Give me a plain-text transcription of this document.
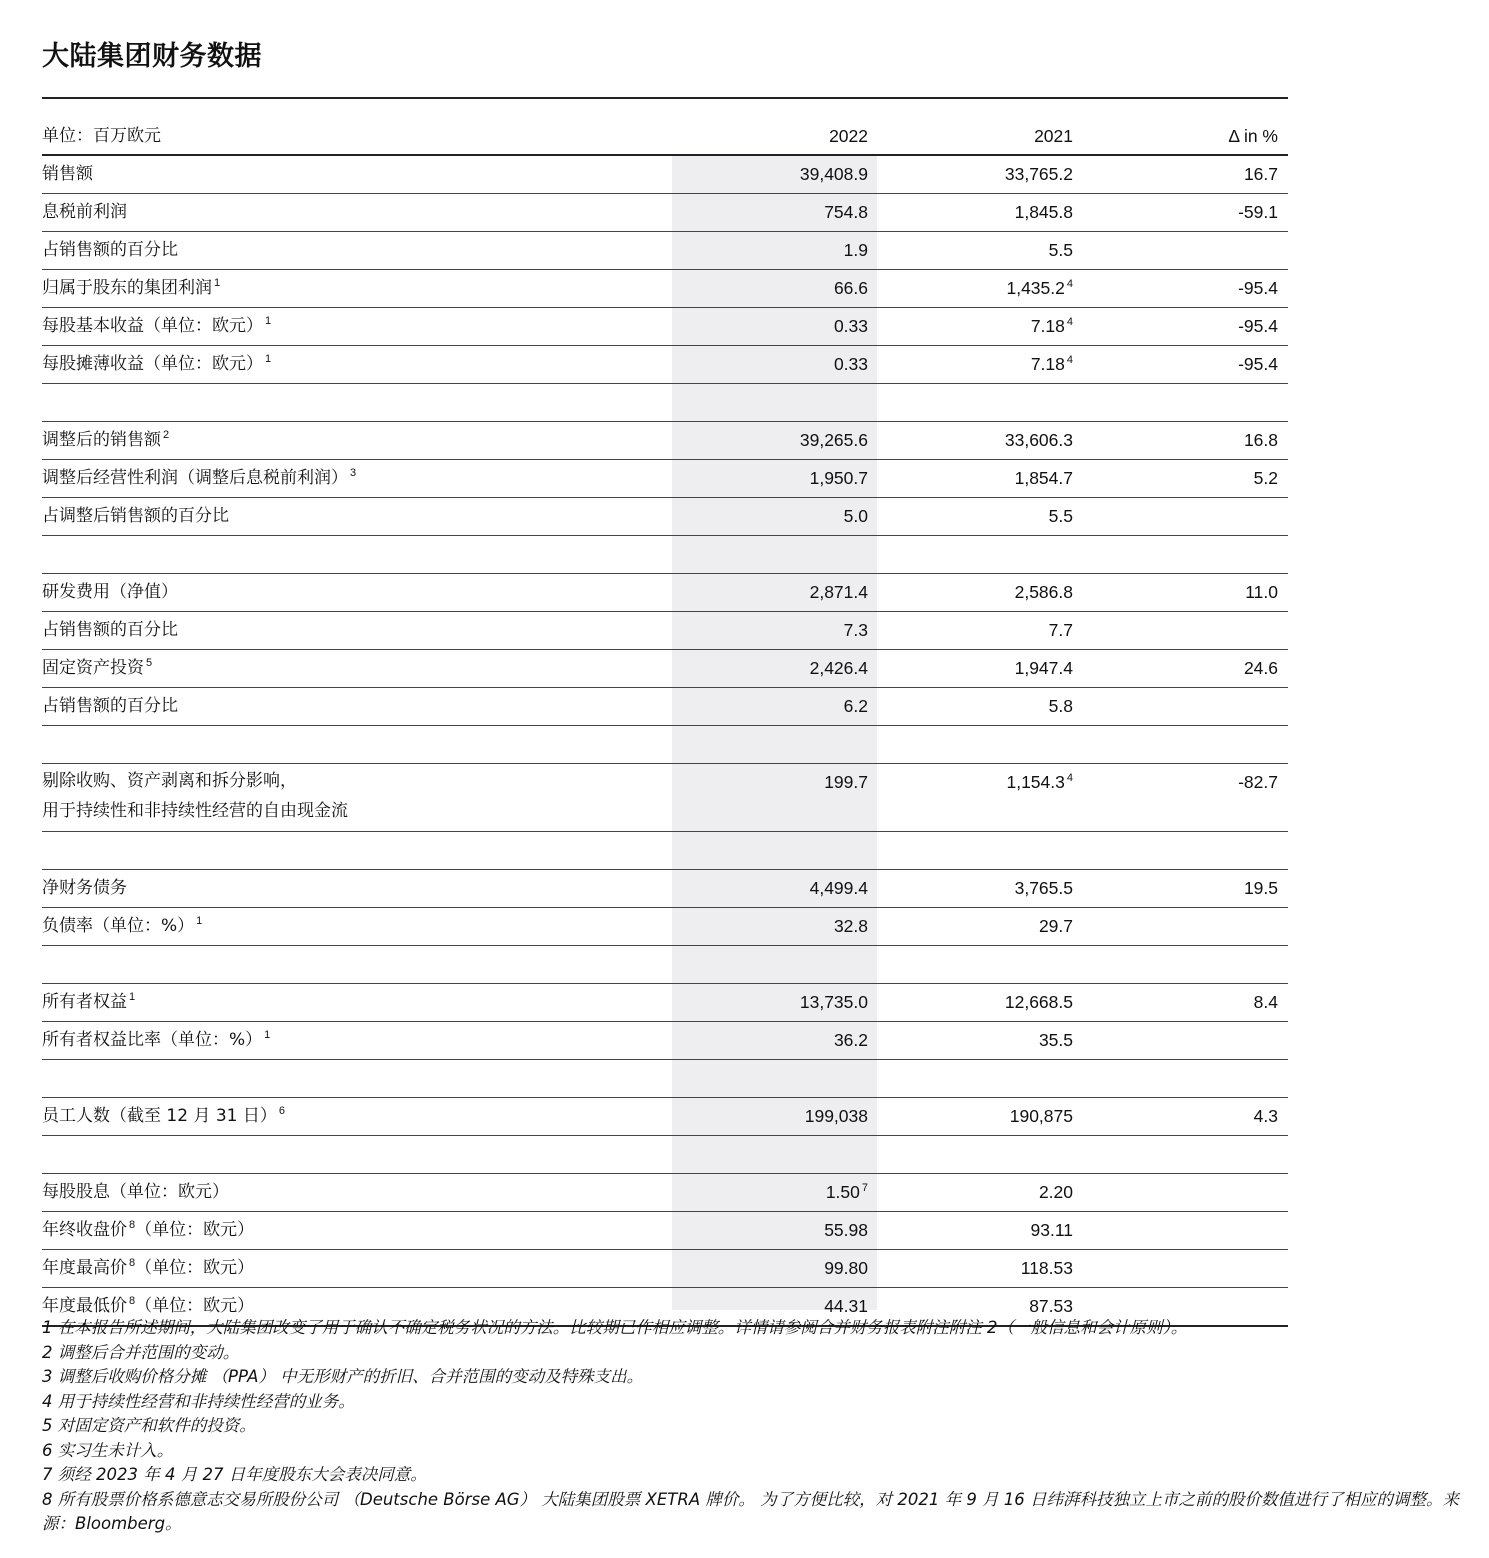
大陆集团财务数据
单位：百万欧元	2022	2021	Δ in %
销售额	39,408.9	33,765.2	16.7
息税前利润	754.8	1,845.8	-59.1
占销售额的百分比	1.9	5.5
归属于股东的集团利润 $^1$	66.6	1,435.2 $^4$	-95.4
每股基本收益（单位：欧元） $^1$	0.33	7.18 $^4$	-95.4
每股摊薄收益（单位：欧元） $^1$	0.33	7.18 $^4$	-95.4
调整后的销售额 $^2$	39,265.6	33,606.3	16.8
调整后经营性利润（调整后息税前利润） $^3$	1,950.7	1,854.7	5.2
占调整后销售额的百分比	5.0	5.5
研发费用（净值）	2,871.4	2,586.8	11.0
占销售额的百分比	7.3	7.7
固定资产投资 $^5$	2,426.4	1,947.4	24.6
占销售额的百分比	6.2	5.8
剔除收购、资产剥离和拆分影响，
用于持续性和非持续性经营的自由现金流
199.7	1,154.3 $^4$	-82.7
净财务债务	4,499.4	3,765.5	19.5
负债率（单位：%） $^1$	32.8	29.7
所有者权益 $^1$	13,735.0	12,668.5	8.4
所有者权益比率（单位：%） $^1$	36.2	35.5
员工人数（截至 12 月 31 日） $^6$	199,038	190,875	4.3
每股股息（单位：欧元）	1.50 $^7$	2.20
年终收盘价 $^8$（单位：欧元）	55.98	93.11
年度最高价 $^8$（单位：欧元）	99.80	118.53
年度最低价 $^8$（单位：欧元）	44.31	87.53
1 在本报告所述期间，大陆集团改变了用于确认不确定税务状况的方法。比较期已作相应调整。详情请参阅合并财务报表附注附注 2（一般信息和会计原则）。
2 调整后合并范围的变动。
3 调整后收购价格分摊 （PPA） 中无形财产的折旧、合并范围的变动及特殊支出。
4 用于持续性经营和非持续性经营的业务。
5 对固定资产和软件的投资。
6 实习生未计入。
7 须经 2023 年 4 月 27 日年度股东大会表决同意。
8 所有股票价格系德意志交易所股份公司 （Deutsche Börse AG） 大陆集团股票 XETRA 牌价。 为了方便比较，对 2021 年 9 月 16 日纬湃科技独立上市之前的股价数值进行了相应的调整。来源：Bloomberg。
